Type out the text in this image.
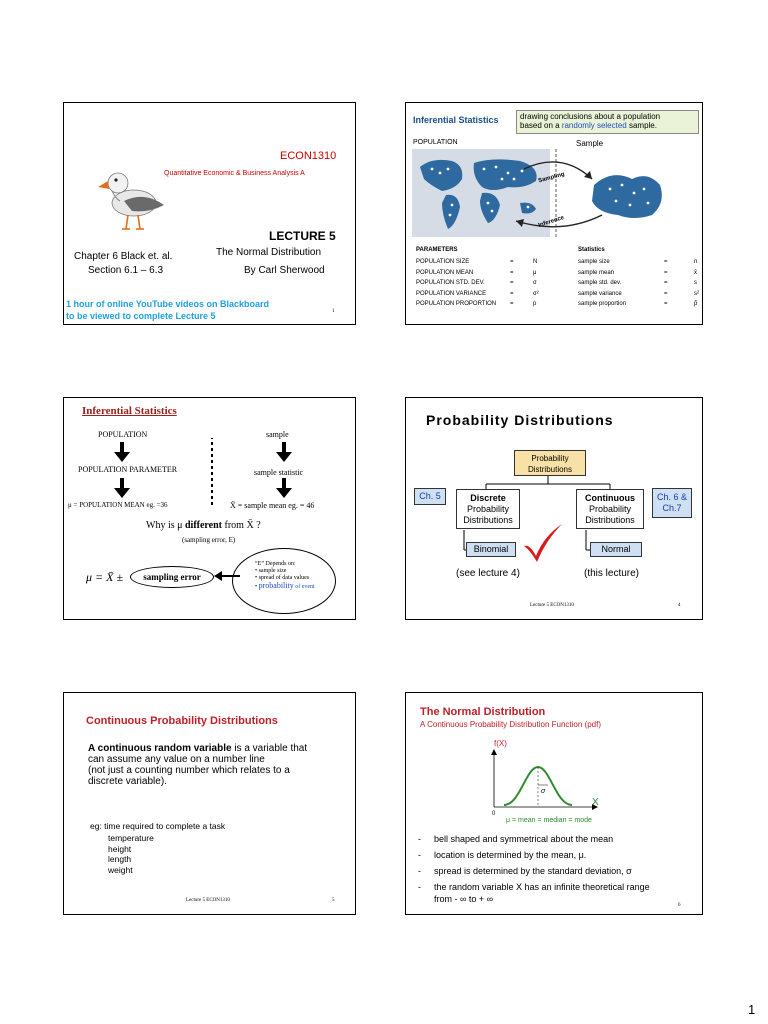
ECON1310
Quantitative Economic & Business Analysis A
LECTURE 5
Chapter 6 Black et. al.
Section 6.1 – 6.3
The Normal Distribution
By Carl Sherwood
1 hour of online YouTube videos on Blackboard
to be viewed to complete Lecture 5	1
Inferential Statistics	drawing conclusions about a population
based on a randomly selected sample.
POPULATION	Sample
Sampling
Inference
PARAMETERS	Statistics
POPULATION SIZE	=	N	sample size	=	n
POPULATION MEAN	=	μ	sample mean	=	x̄
POPULATION STD. DEV.	=	σ	sample std. dev.	=	s
POPULATION VARIANCE	=	σ²	sample variance	=	s²
POPULATION PROPORTION =	p	sample proportion	=	p̂
Inferential Statistics
POPULATION	sample
POPULATION PARAMETER	sample statistic
μ = POPULATION MEAN eg. =36	X̄ = sample mean eg. = 46
Why is μ different from X̄ ?
(sampling error, E)
μ = X̄ ±	sampling error
“E” Depends on:
• sample size
• spread of data values
• probability of event
Probability Distributions
Probability
Distributions
Ch. 5	Discrete
Probability
Distributions
Continuous
Probability
Distributions
Ch. 6 &
Ch.7
Binomial	Normal
(see lecture 4)	(this lecture)
Lecture 5 ECON1310	4
Continuous Probability Distributions
A continuous random variable is a variable that
can assume any value on a number line
(not just a counting number which relates to a
discrete variable).
eg: time required to complete a task
temperature
height
length
weight
Lecture 5 ECON1310	5
The Normal Distribution
A Continuous Probability Distribution Function (pdf)
f(X)
σ
X
0
μ = mean = median = mode
from - ∞ to + ∞
6
- bell shaped and symmetrical about the mean
- location is determined by the mean, μ.
- spread is determined by the standard deviation, σ
- the random variable X has an infinite theoretical range
1
